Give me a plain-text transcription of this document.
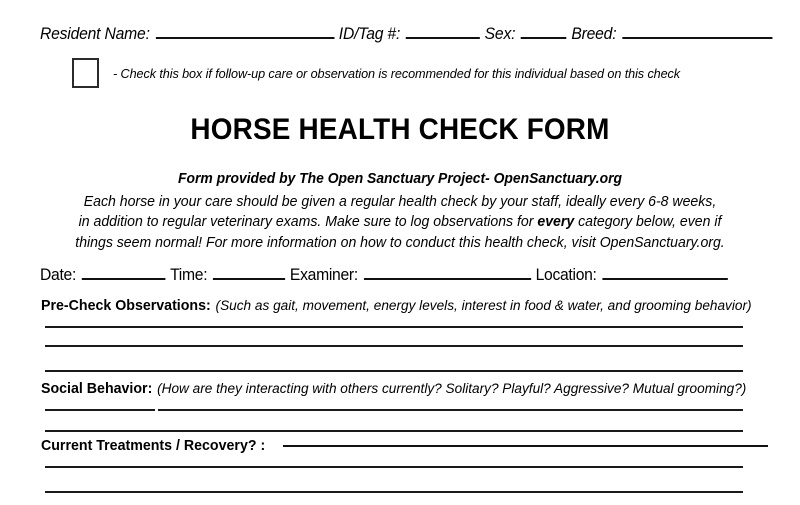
Resident Name:	ID/Tag #:	Sex:	Breed:
- Check this box if follow-up care or observation is recommended for this individual based on this check
HORSE HEALTH CHECK FORM
Form provided by The Open Sanctuary Project- OpenSanctuary.org
Each horse in your care should be given a regular health check by your staff, ideally every 6-8 weeks,
in addition to regular veterinary exams. Make sure to log observations for every category below, even if
things seem normal! For more information on how to conduct this health check, visit OpenSanctuary.org.
Date:	Time:	Examiner:	Location:
Pre-Check Observations: (Such as gait, movement, energy levels, interest in food & water, and grooming behavior)
Social Behavior: (How are they interacting with others currently? Solitary? Playful? Aggressive? Mutual grooming?)
Current Treatments / Recovery? :
